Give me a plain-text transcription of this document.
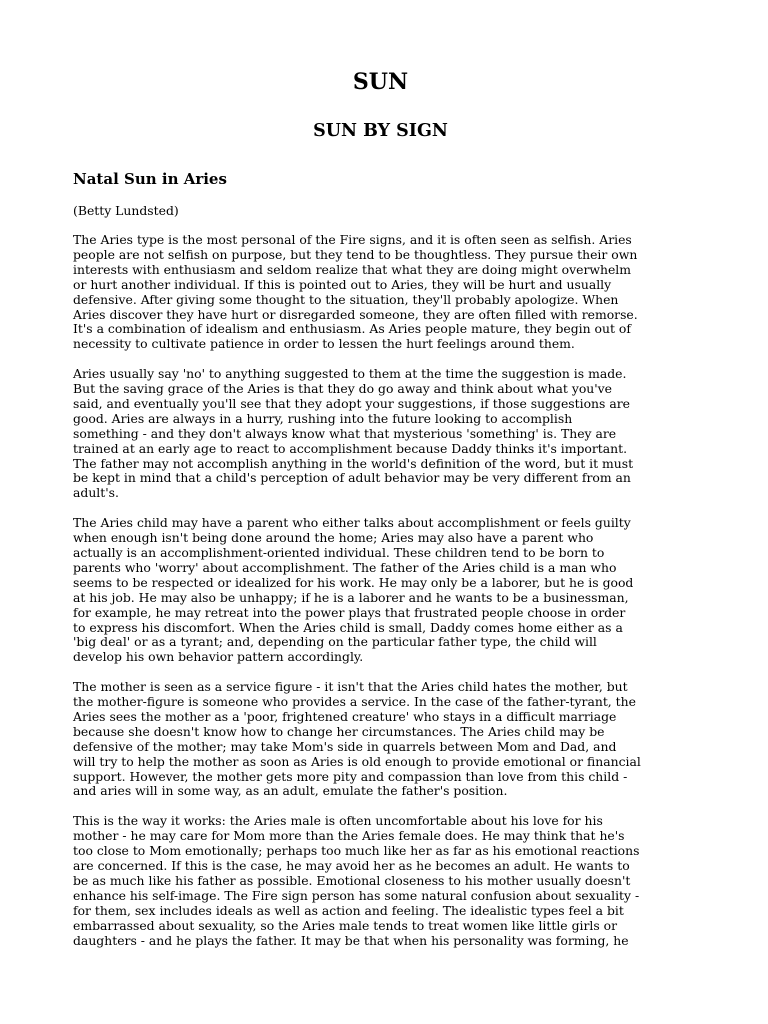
SUN
SUN BY SIGN
Natal Sun in Aries

(Betty Lundsted)

The Aries type is the most personal of the Fire signs, and it is often seen as selfish. Aries
people are not selfish on purpose, but they tend to be thoughtless. They pursue their own
interests with enthusiasm and seldom realize that what they are doing might overwhelm
or hurt another individual. If this is pointed out to Aries, they will be hurt and usually
defensive. After giving some thought to the situation, they'll probably apologize. When
Aries discover they have hurt or disregarded someone, they are often filled with remorse.
It's a combination of idealism and enthusiasm. As Aries people mature, they begin out of
necessity to cultivate patience in order to lessen the hurt feelings around them.

Aries usually say 'no' to anything suggested to them at the time the suggestion is made.
But the saving grace of the Aries is that they do go away and think about what you've
said, and eventually you'll see that they adopt your suggestions, if those suggestions are
good. Aries are always in a hurry, rushing into the future looking to accomplish
something - and they don't always know what that mysterious 'something' is. They are
trained at an early age to react to accomplishment because Daddy thinks it's important.
The father may not accomplish anything in the world's definition of the word, but it must
be kept in mind that a child's perception of adult behavior may be very different from an
adult's.

The Aries child may have a parent who either talks about accomplishment or feels guilty
when enough isn't being done around the home; Aries may also have a parent who
actually is an accomplishment-oriented individual. These children tend to be born to
parents who 'worry' about accomplishment. The father of the Aries child is a man who
seems to be respected or idealized for his work. He may only be a laborer, but he is good
at his job. He may also be unhappy; if he is a laborer and he wants to be a businessman,
for example, he may retreat into the power plays that frustrated people choose in order
to express his discomfort. When the Aries child is small, Daddy comes home either as a
'big deal' or as a tyrant; and, depending on the particular father type, the child will
develop his own behavior pattern accordingly.

The mother is seen as a service figure - it isn't that the Aries child hates the mother, but
the mother-figure is someone who provides a service. In the case of the father-tyrant, the
Aries sees the mother as a 'poor, frightened creature' who stays in a difficult marriage
because she doesn't know how to change her circumstances. The Aries child may be
defensive of the mother; may take Mom's side in quarrels between Mom and Dad, and
will try to help the mother as soon as Aries is old enough to provide emotional or financial
support. However, the mother gets more pity and compassion than love from this child -
and aries will in some way, as an adult, emulate the father's position.

This is the way it works: the Aries male is often uncomfortable about his love for his
mother - he may care for Mom more than the Aries female does. He may think that he's
too close to Mom emotionally; perhaps too much like her as far as his emotional reactions
are concerned. If this is the case, he may avoid her as he becomes an adult. He wants to
be as much like his father as possible. Emotional closeness to his mother usually doesn't
enhance his self-image. The Fire sign person has some natural confusion about sexuality -
for them, sex includes ideals as well as action and feeling. The idealistic types feel a bit
embarrassed about sexuality, so the Aries male tends to treat women like little girls or
daughters - and he plays the father. It may be that when his personality was forming, he
